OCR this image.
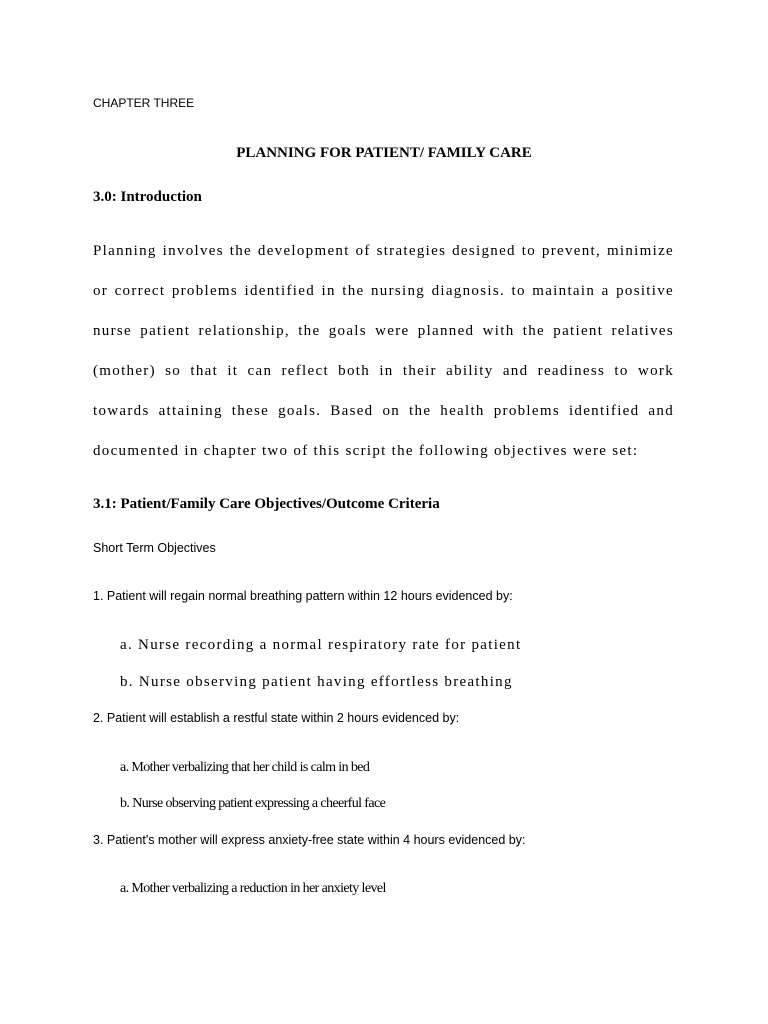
CHAPTER THREE
PLANNING FOR PATIENT/ FAMILY CARE
3.0: Introduction
Planning involves the development of strategies designed to prevent, minimize or correct problems identified in the nursing diagnosis. to maintain a positive nurse patient relationship, the goals were planned with the patient relatives (mother) so that it can reflect both in their ability and readiness to work towards attaining these goals. Based on the health problems identified and documented in chapter two of this script the following objectives were set:
3.1: Patient/Family Care Objectives/Outcome Criteria
Short Term Objectives
1. Patient will regain normal breathing pattern within 12 hours evidenced by:
a. Nurse recording a normal respiratory rate for patient
b. Nurse observing patient having effortless breathing
2. Patient will establish a restful state within 2 hours evidenced by:
a. Mother verbalizing that her child is calm in bed
b. Nurse observing patient expressing a cheerful face
3. Patient's mother will express anxiety-free state within 4 hours evidenced by:
a. Mother verbalizing a reduction in her anxiety level
